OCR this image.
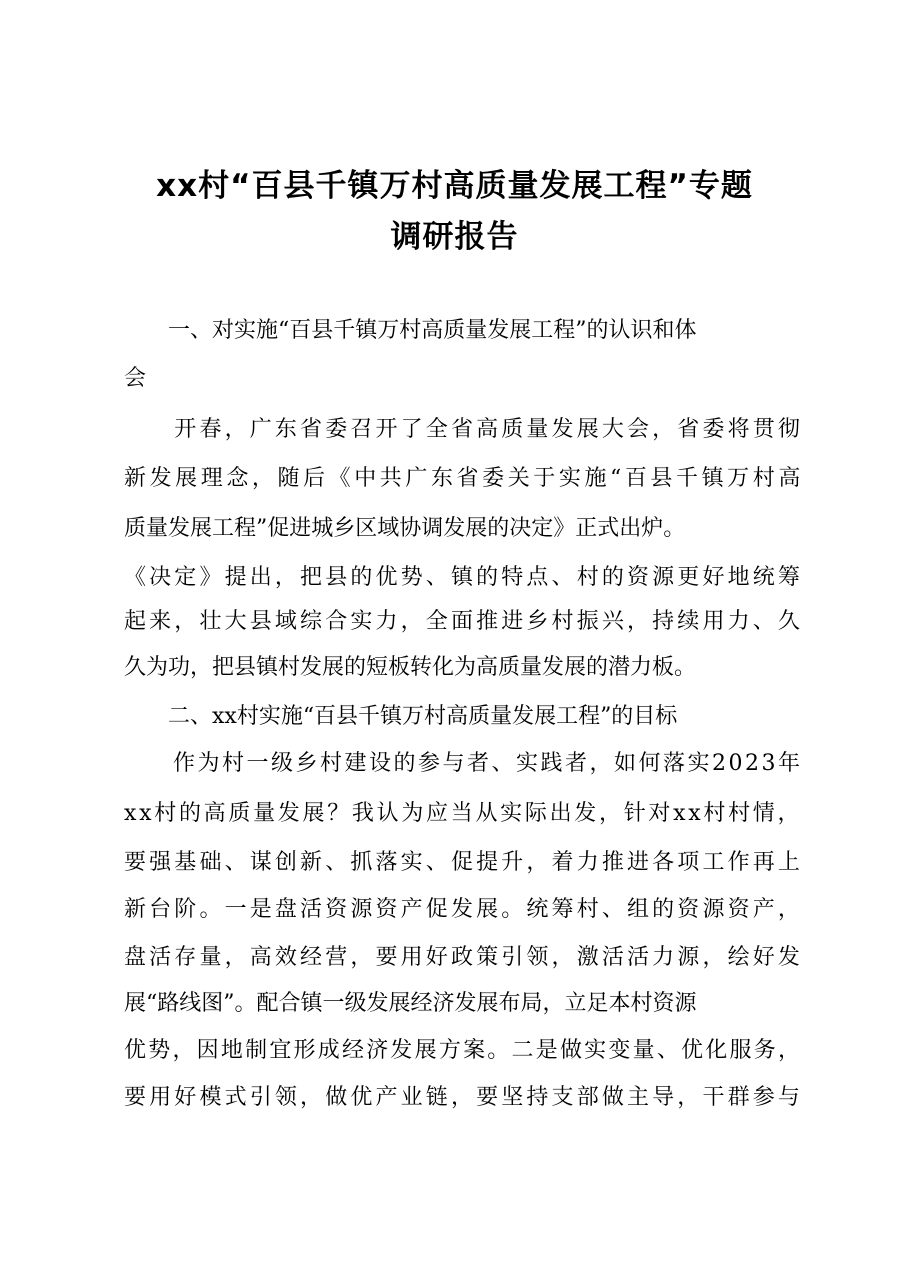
xx村“百县千镇万村高质量发展工程”专题
调研报告
　　一、对实施“百县千镇万村高质量发展工程”的认识和体
会
　　开春，广东省委召开了全省高质量发展大会，省委将贯彻
新发展理念，随后《中共广东省委关于实施“百县千镇万村高
质量发展工程”促进城乡区域协调发展的决定》正式出炉。
《决定》提出，把县的优势、镇的特点、村的资源更好地统筹
起来，壮大县域综合实力，全面推进乡村振兴，持续用力、久
久为功，把县镇村发展的短板转化为高质量发展的潜力板。
　　二、xx村实施“百县千镇万村高质量发展工程”的目标
　　作为村一级乡村建设的参与者、实践者，如何落实2023年
xx村的高质量发展？我认为应当从实际出发，针对xx村村情，
要强基础、谋创新、抓落实、促提升，着力推进各项工作再上
新台阶。一是盘活资源资产促发展。统筹村、组的资源资产，
盘活存量，高效经营，要用好政策引领，激活活力源，绘好发
展“路线图”。配合镇一级发展经济发展布局，立足本村资源
优势，因地制宜形成经济发展方案。二是做实变量、优化服务，
要用好模式引领，做优产业链，要坚持支部做主导，干群参与
